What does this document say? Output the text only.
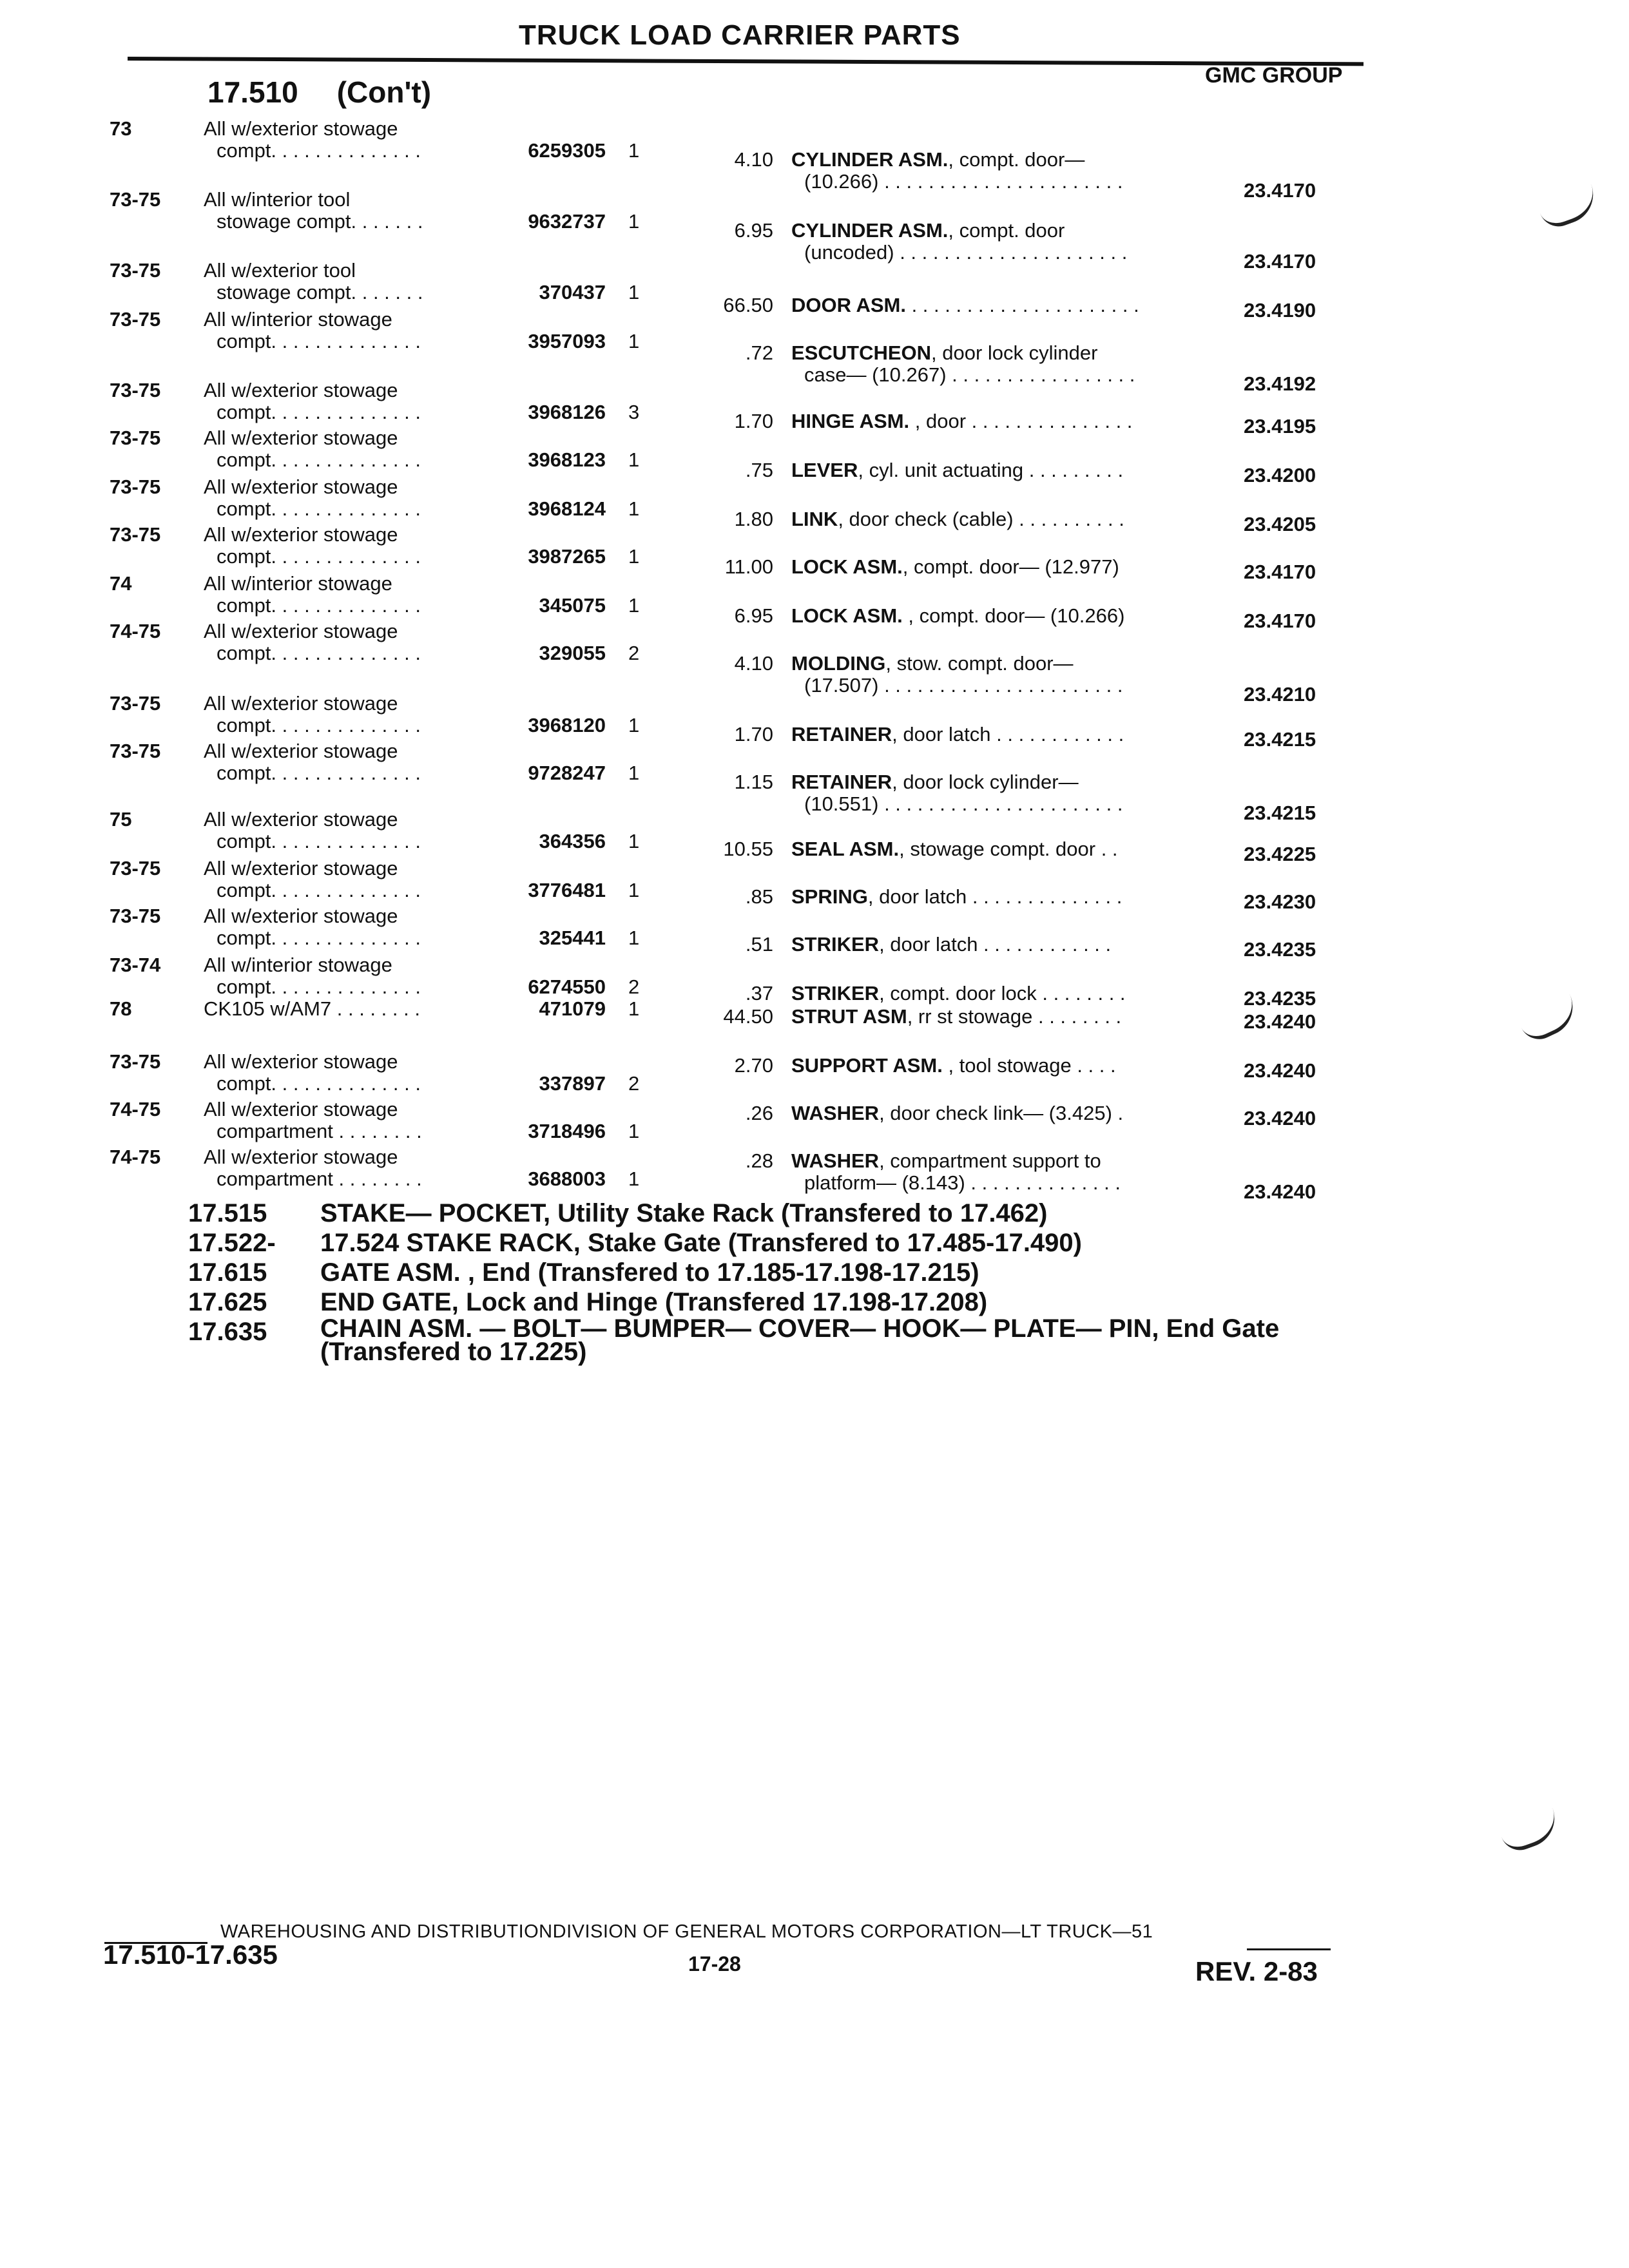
TRUCK LOAD CARRIER PARTS
GMC GROUP
17.510 (Con't)
73	All w/exterior stowage
compt. . . . . . . . . . . . . .	6259305 1
73-75 All w/interior tool
stowage compt. . . . . . .	9632737 1
73-75 All w/exterior tool
stowage compt. . . . . . .	370437 1
73-75 All w/interior stowage
compt. . . . . . . . . . . . . .	3957093 1
73-75 All w/exterior stowage
compt. . . . . . . . . . . . . .	3968126 3
73-75 All w/exterior stowage
compt. . . . . . . . . . . . . .	3968123 1
73-75 All w/exterior stowage
compt. . . . . . . . . . . . . .	3968124 1
73-75 All w/exterior stowage
compt. . . . . . . . . . . . . .	3987265 1
74	All w/interior stowage
compt. . . . . . . . . . . . . .	345075 1
74-75 All w/exterior stowage
compt. . . . . . . . . . . . . .	329055 2
73-75 All w/exterior stowage
compt. . . . . . . . . . . . . .	3968120 1
73-75 All w/exterior stowage
compt. . . . . . . . . . . . . .	9728247 1
75	All w/exterior stowage
compt. . . . . . . . . . . . . .	364356 1
73-75 All w/exterior stowage
compt. . . . . . . . . . . . . .	3776481 1
73-75 All w/exterior stowage
compt. . . . . . . . . . . . . .	325441 1
73-74 All w/interior stowage
compt. . . . . . . . . . . . . .	6274550 2
78	CK105 w/AM7 . . . . . . . .	471079 1
73-75 All w/exterior stowage
compt. . . . . . . . . . . . . .	337897 2
74-75 All w/exterior stowage
compartment . . . . . . . .	3718496 1
74-75 All w/exterior stowage
compartment . . . . . . . .	3688003 1
4.10 CYLINDER ASM., compt. door—
(10.266) . . . . . . . . . . . . . . . . . . . . . .	23.4170
6.95 CYLINDER ASM., compt. door
(uncoded) . . . . . . . . . . . . . . . . . . . . .	23.4170
66.50 DOOR ASM. . . . . . . . . . . . . . . . . . . . . .	23.4190
.72 ESCUTCHEON, door lock cylinder
case— (10.267) . . . . . . . . . . . . . . . . .	23.4192
1.70 HINGE ASM. , door . . . . . . . . . . . . . . .	23.4195
.75 LEVER, cyl. unit actuating . . . . . . . . .	23.4200
1.80 LINK, door check (cable) . . . . . . . . . .	23.4205
11.00 LOCK ASM., compt. door— (12.977)	23.4170
6.95 LOCK ASM. , compt. door— (10.266)	23.4170
4.10 MOLDING, stow. compt. door—
(17.507) . . . . . . . . . . . . . . . . . . . . . .	23.4210
1.70 RETAINER, door latch . . . . . . . . . . . .	23.4215
1.15 RETAINER, door lock cylinder—
(10.551) . . . . . . . . . . . . . . . . . . . . . .	23.4215
10.55 SEAL ASM., stowage compt. door . .	23.4225
.85 SPRING, door latch . . . . . . . . . . . . . .	23.4230
.51 STRIKER, door latch . . . . . . . . . . . .	23.4235
.37 STRIKER, compt. door lock . . . . . . . .	23.4235
44.50 STRUT ASM, rr st stowage . . . . . . . .	23.4240
2.70 SUPPORT ASM. , tool stowage . . . .	23.4240
.26 WASHER, door check link— (3.425) .	23.4240
.28 WASHER, compartment support to
platform— (8.143) . . . . . . . . . . . . . .	23.4240
17.515	STAKE— POCKET, Utility Stake Rack (Transfered to 17.462)
17.522-	17.524 STAKE RACK, Stake Gate (Transfered to 17.485-17.490)
17.615	GATE ASM. , End (Transfered to 17.185-17.198-17.215)
17.625	END GATE, Lock and Hinge (Transfered 17.198-17.208)
17.635	CHAIN ASM. — BOLT— BUMPER— COVER— HOOK— PLATE— PIN, End Gate (Transfered to 17.225)
WAREHOUSING AND DISTRIBUTIONDIVISION OF GENERAL MOTORS CORPORATION—LT TRUCK—51
17.510-17.635	17-28	REV. 2-83
